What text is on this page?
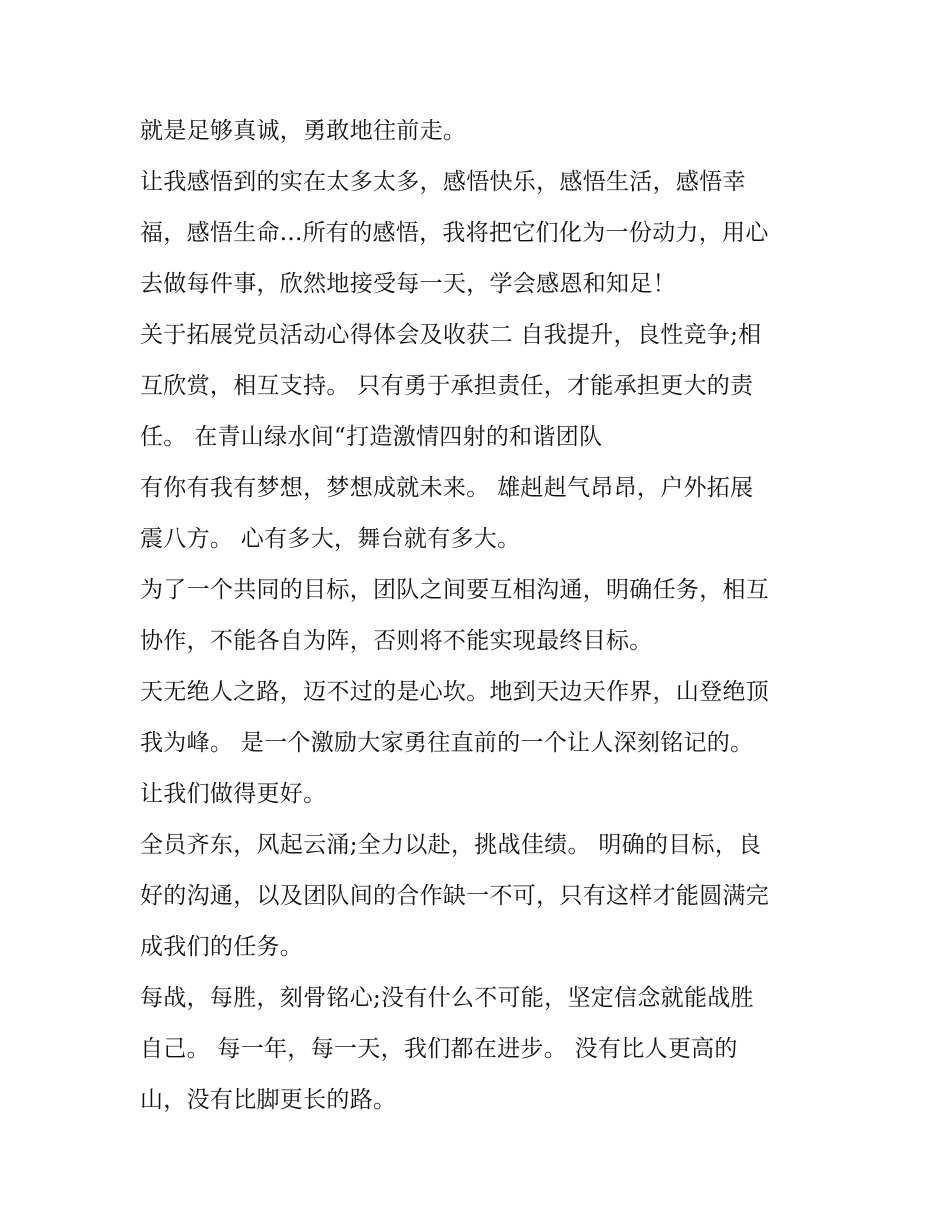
就是足够真诚，勇敢地往前走。
让我感悟到的实在太多太多，感悟快乐，感悟生活，感悟幸
福，感悟生命...所有的感悟，我将把它们化为一份动力，用心
去做每件事，欣然地接受每一天，学会感恩和知足！
关于拓展党员活动心得体会及收获二 自我提升，良性竞争;相
互欣赏，相互支持。 只有勇于承担责任，才能承担更大的责
任。 在青山绿水间“打造激情四射的和谐团队
有你有我有梦想，梦想成就未来。 雄赳赳气昂昂，户外拓展
震八方。 心有多大，舞台就有多大。
为了一个共同的目标，团队之间要互相沟通，明确任务，相互
协作，不能各自为阵，否则将不能实现最终目标。
天无绝人之路，迈不过的是心坎。地到天边天作界，山登绝顶
我为峰。 是一个激励大家勇往直前的一个让人深刻铭记的。
让我们做得更好。
全员齐东，风起云涌;全力以赴，挑战佳绩。 明确的目标，良
好的沟通，以及团队间的合作缺一不可，只有这样才能圆满完
成我们的任务。
每战，每胜，刻骨铭心;没有什么不可能，坚定信念就能战胜
自己。 每一年，每一天，我们都在进步。 没有比人更高的
山，没有比脚更长的路。
